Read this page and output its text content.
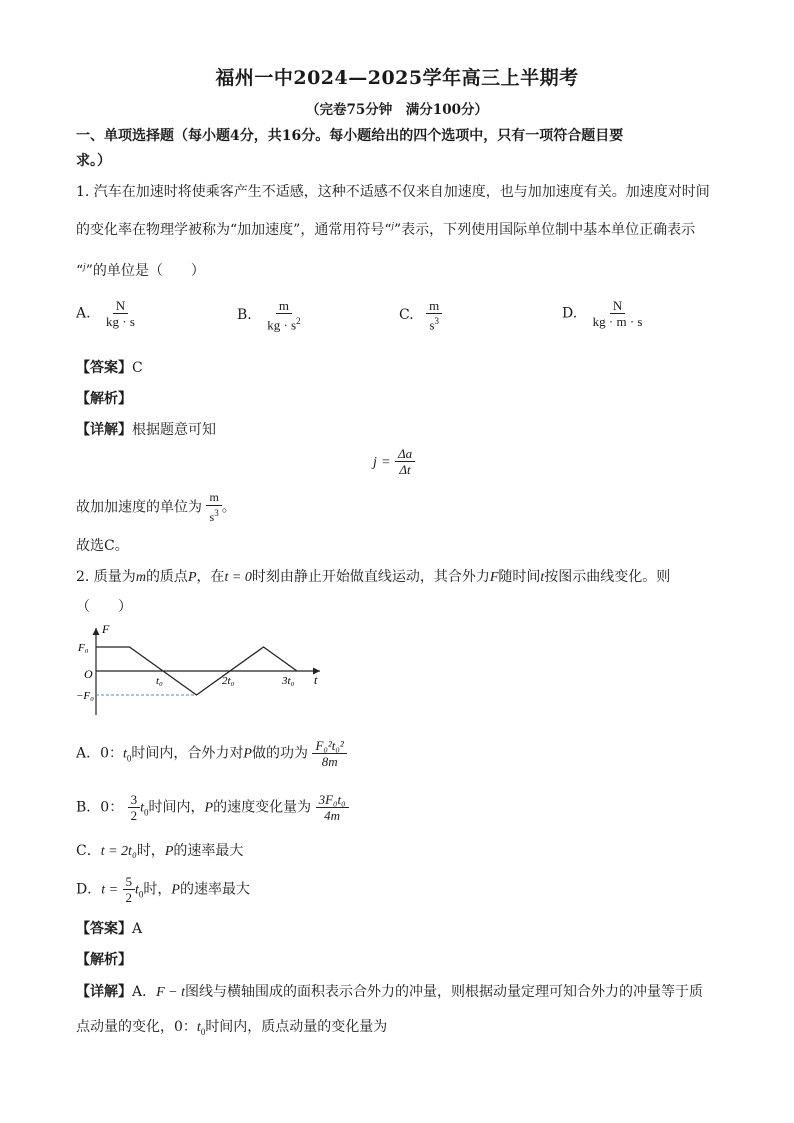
福州一中2024—2025学年高三上半期考
（完卷75分钟　满分100分）
一、单项选择题（每小题4分，共16分。每小题给出的四个选项中，只有一项符合题目要
求。）
1. 汽车在加速时将使乘客产生不适感，这种不适感不仅来自加速度，也与加加速度有关。加速度对时间
的变化率在物理学被称为“加加速度”，通常用符号“$^j$”表示，下列使用国际单位制中基本单位正确表示
“$^j$”的单位是（　　）
A. $\frac{N}{kg \cdot s}$	B. $\frac{m}{kg \cdot s^2}$	C. $\frac{m}{s^3}$	D. $\frac{N}{kg \cdot m \cdot s}$
【答案】C
【解析】
【详解】根据题意可知
$j = \frac{\Delta a}{\Delta t}$
故加加速度的单位为 $\frac{m}{s^3}$ 。
故选C。
2. 质量为m的质点P，在t = 0时刻由静止开始做直线运动，其合外力F随时间t按图示曲线变化。则
（　　）
F
t
O
F₀
−F₀
t₀	2t₀	3t₀
A．0：$t_0$时间内，合外力对P做的功为 $\frac{\text{F₀²t₀²}}{8m}$
B．0： $\frac{3}{2} t_0$时间内，P的速度变化量为 $\frac{\text{3F₀t₀}}{4m}$
C．t = 2t₀时，P的速率最大
D．$t = \frac{5}{2} t_0$时，P的速率最大
【答案】A
【解析】
【详解】A．F − t图线与横轴围成的面积表示合外力的冲量，则根据动量定理可知合外力的冲量等于质
点动量的变化，0：$t_0$时间内，质点动量的变化量为
